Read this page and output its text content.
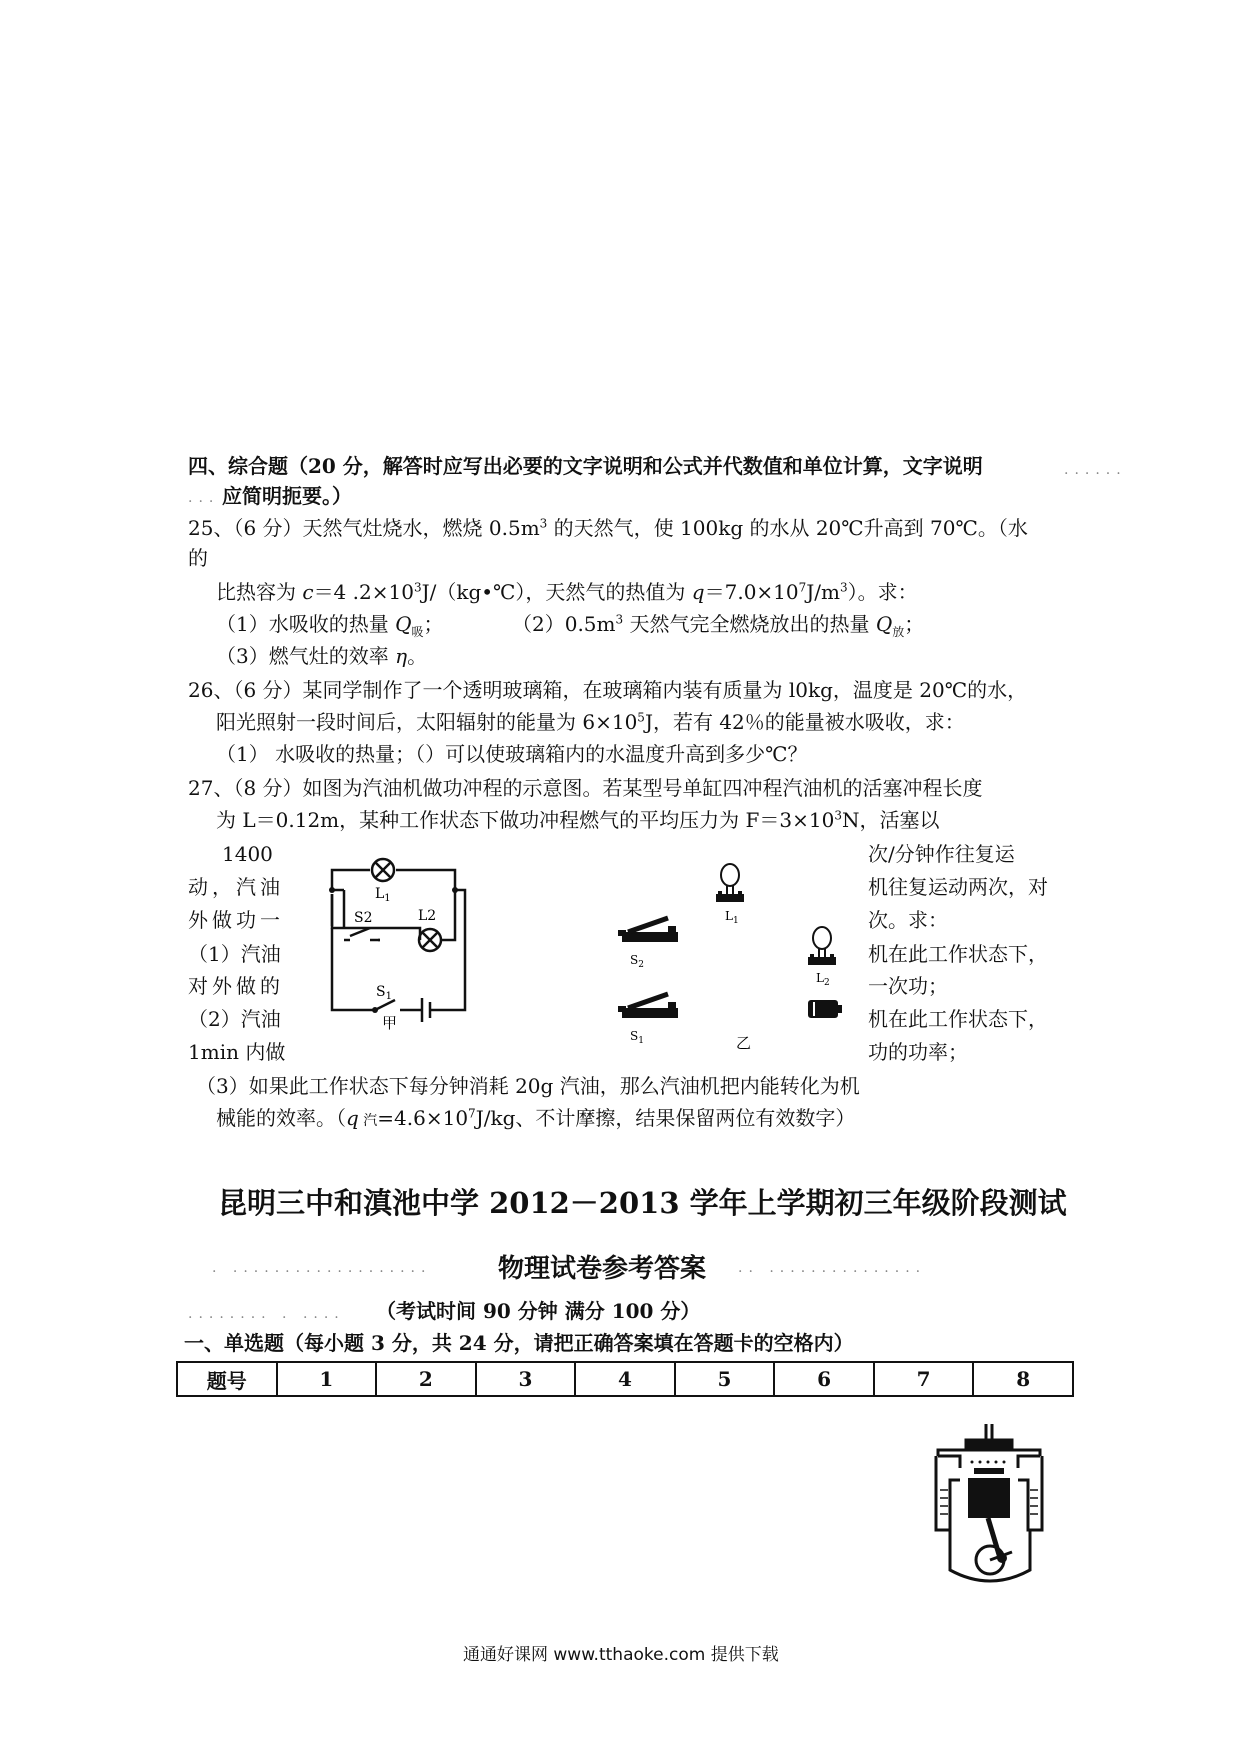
四、综合题（20 分，解答时应写出必要的文字说明和公式并代数值和单位计算，文字说明	......
... 应简明扼要。）
25、（6 分）天然气灶烧水，燃烧 $0.5m^3$ 的天然气，使 100kg 的水从 20℃升高到 70℃。（水
的
比热容为 c＝4 $.2\times 10^3J/(kg•℃)$，天然气的热值为 $q=7.0\times 10^7J/m^3$）。求：
（1）水吸收的热量 $Q_吸$；	$(2)0.5m^3$ 天然气完全燃烧放出的热量 $Q_放$；
（3）燃气灶的效率 η。
26、（6 分）某同学制作了一个透明玻璃箱，在玻璃箱内装有质量为 l0kg，温度是 20℃的水，
阳光照射一段时间后，太阳辐射的能量为 $6\times 10^5J$，若有 42％的能量被水吸收，求：
（1） 水吸收的热量；（）可以使玻璃箱内的水温度升高到多少℃？
27、（8 分）如图为汽油机做功冲程的示意图。若某型号单缸四冲程汽油机的活塞冲程长度
为 L＝0.12m，某种工作状态下做功冲程燃气的平均压力为 $F=3\times 10^3N$，活塞以
1400
动，汽油
外做功一
（1）汽油
对外做的
（2）汽油
1min 内做
次/分钟作往复运
机往复运动两次，对
次。求：
机在此工作状态下，
一次功；
机在此工作状态下，
功的功率；
$L_1$
S2	L2
$S_1$
甲
$L_1$
$S_2$
$L_2$
$S_1$	乙
（3）如果此工作状态下每分钟消耗 20g 汽油，那么汽油机把内能转化为机
械能的效率。（q 汽$=4.6\times 10^7J/kg$、不计摩擦，结果保留两位有效数字）
昆明三中和滇池中学 2012－2013 学年上学期初三年级阶段测试
. ...................	物理试卷参考答案 .. ...............
........ . .... （考试时间 90 分钟 满分 100 分）
一、单选题（每小题 3 分，共 24 分，请把正确答案填在答题卡的空格内）
题号	1	2	3	4	5	6	7	8
通通好课网 www.tthaoke.com 提供下载
